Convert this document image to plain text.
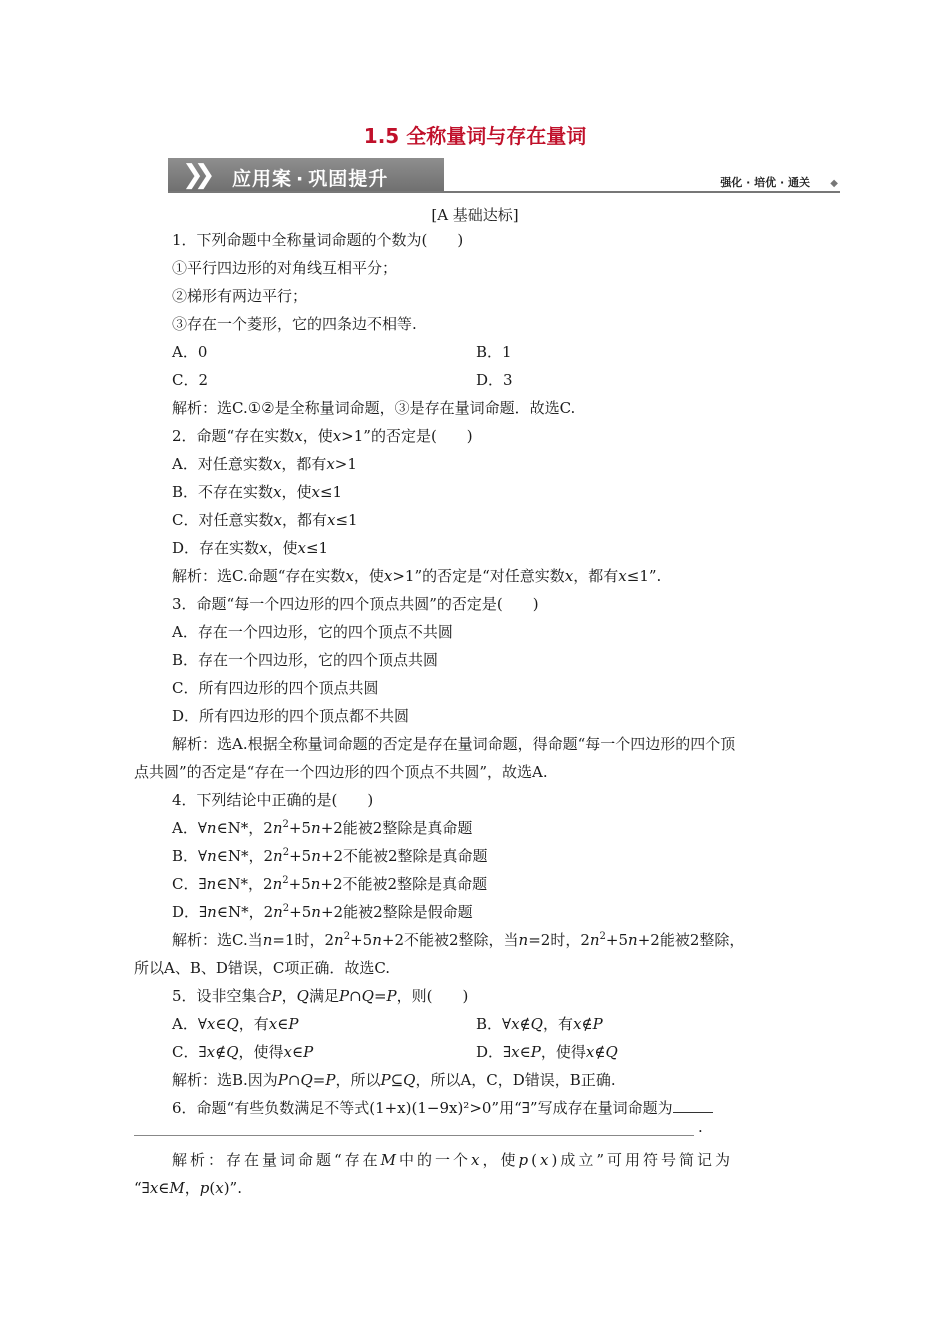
1.5 全称量词与存在量词
❯❯ 应用案 · 巩固提升	强化 · 培优 · 通关 ◆
[A 基础达标]
1．下列命题中全称量词命题的个数为(　　)
①平行四边形的对角线互相平分；
②梯形有两边平行；
③存在一个菱形，它的四条边不相等.
A．0	B．1
C．2	D．3
解析：选C.①②是全称量词命题，③是存在量词命题．故选C.
2．命题“存在实数x，使x>1”的否定是(　　)
A．对任意实数x，都有x>1
B．不存在实数x，使x≤1
C．对任意实数x，都有x≤1
D．存在实数x，使x≤1
解析：选C.命题“存在实数x，使x>1”的否定是“对任意实数x，都有x≤1”.
3．命题“每一个四边形的四个顶点共圆”的否定是(　　)
A．存在一个四边形，它的四个顶点不共圆
B．存在一个四边形，它的四个顶点共圆
C．所有四边形的四个顶点共圆
D．所有四边形的四个顶点都不共圆
解析：选A.根据全称量词命题的否定是存在量词命题，得命题“每一个四边形的四个顶
点共圆”的否定是“存在一个四边形的四个顶点不共圆”，故选A.
4．下列结论中正确的是(　　)
A．∀n∈N*，$2n^2+5n+2$能被2整除是真命题
B．∀n∈N*，$2n^2+5n+2$不能被2整除是真命题
C．∃n∈N*，$2n^2+5n+2$不能被2整除是真命题
D．∃n∈N*，$2n^2+5n+2$能被2整除是假命题
解析：选C.当n=1时，$2n^2+5n+2$不能被2整除，当n=2时，$2n^2+5n+2$能被2整除，
所以A、B、D错误，C项正确．故选C.
5．设非空集合P，Q满足P∩Q=P，则(　　)
A．∀x∈Q，有x∈P	B．∀x∉Q，有x∉P
C．∃x∉Q，使得x∈P	D．∃x∈P，使得x∉Q
解析：选B.因为P∩Q=P，所以P⊆Q，所以A，C，D错误，B正确.
6．命题“有些负数满足不等式(1+x)(1−9x)²>0”用“∃”写成存在量词命题为
.
解析：存在量词命题“存在M中的一个x，使p(x)成立”可用符号简记为
“∃x∈M，p(x)”.
